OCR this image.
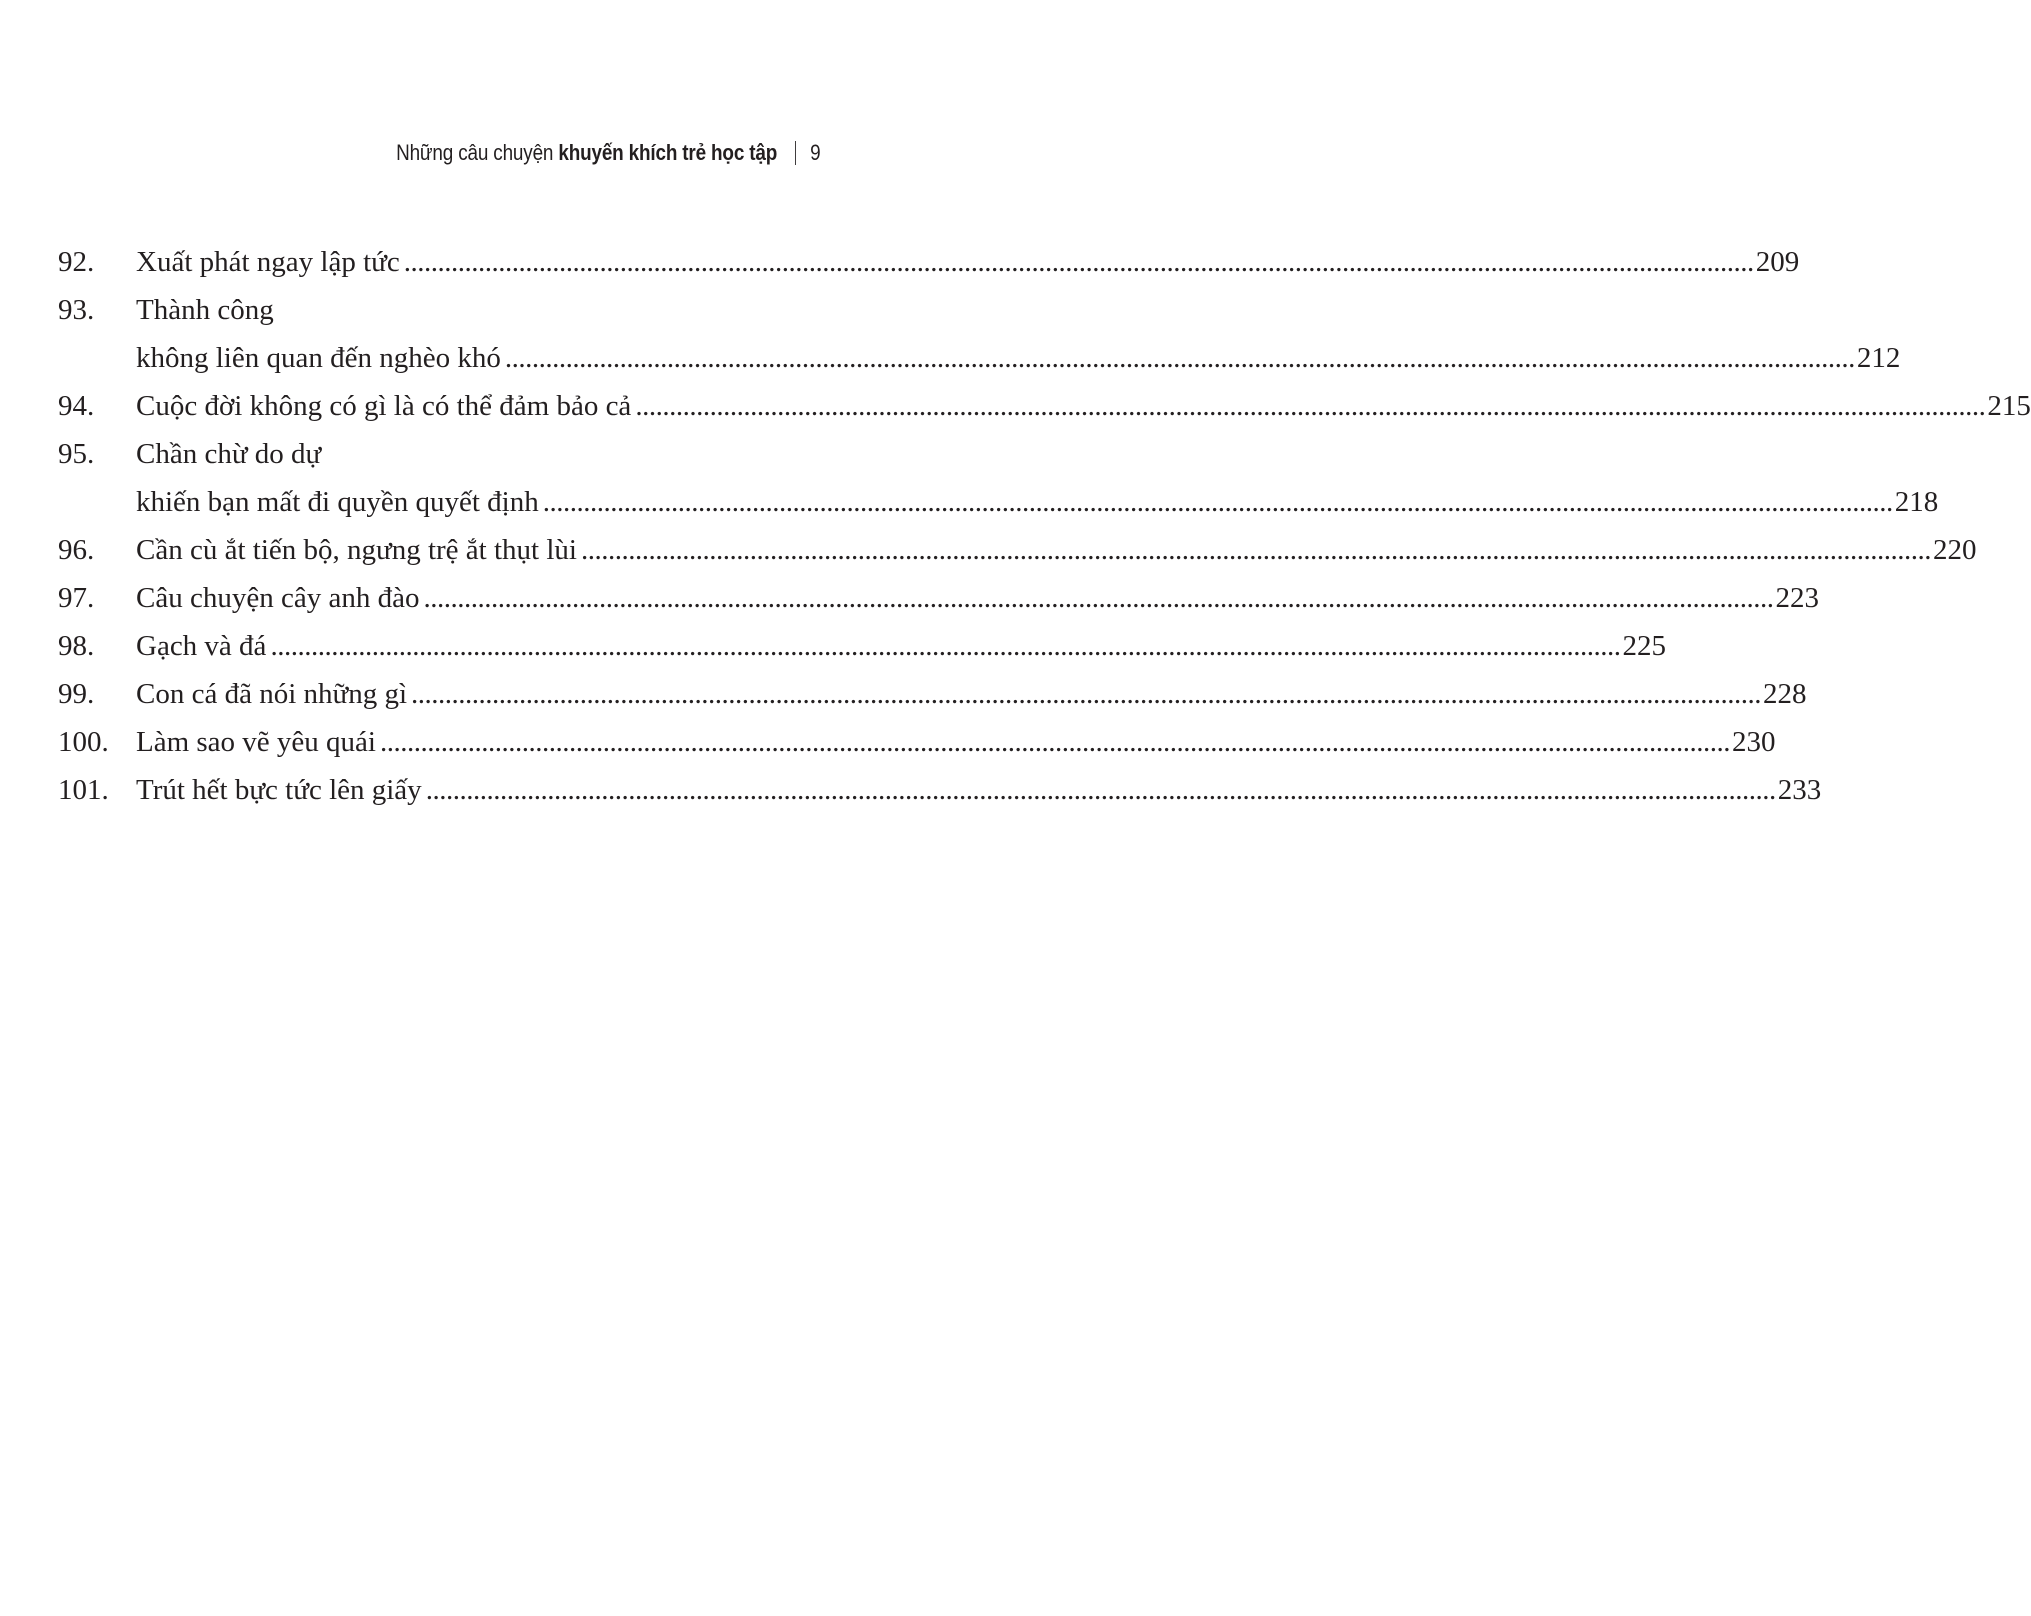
Những câu chuyện khuyến khích trẻ học tập 9
92. Xuất phát ngay lập tức ........................................................................................................................................................................................................ 209
93. Thành công
không liên quan đến nghèo khó ........................................................................................................................................................................................................ 212
94. Cuộc đời không có gì là có thể đảm bảo cả ........................................................................................................................................................................................................ 215
95. Chần chừ do dự
khiến bạn mất đi quyền quyết định ........................................................................................................................................................................................................ 218
96. Cần cù ắt tiến bộ, ngưng trệ ắt thụt lùi ........................................................................................................................................................................................................ 220
97. Câu chuyện cây anh đào ........................................................................................................................................................................................................ 223
98. Gạch và đá ........................................................................................................................................................................................................ 225
99. Con cá đã nói những gì ........................................................................................................................................................................................................ 228
100. Làm sao vẽ yêu quái ........................................................................................................................................................................................................ 230
101. Trút hết bực tức lên giấy ........................................................................................................................................................................................................ 233
